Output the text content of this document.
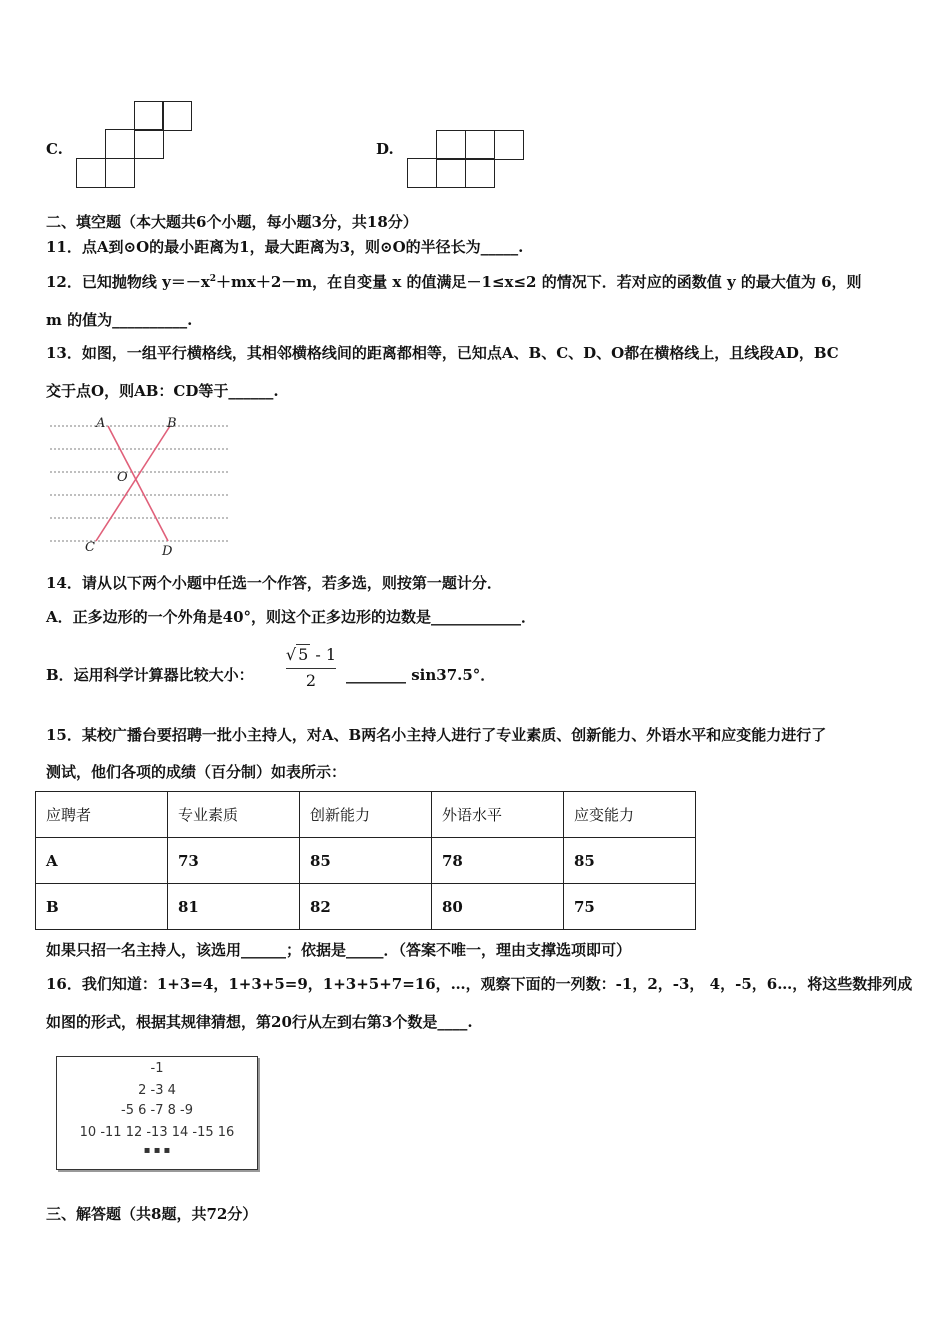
C.	D.
二、填空题（本大题共6个小题，每小题3分，共18分）
11．点A到⊙O的最小距离为1，最大距离为3，则⊙O的半径长为_____.
12．已知抛物线 $y=-x^2+mx+2-m$，在自变量 x 的值满足－1≤x≤2 的情况下．若对应的函数值 y 的最大值为 6，则
m 的值为__________.
13．如图，一组平行横格线，其相邻横格线间的距离都相等，已知点A、B、C、D、O都在横格线上，且线段AD，BC
交于点O，则AB：CD等于______.
A	B
O
C	D
14．请从以下两个小题中任选一个作答，若多选，则按第一题计分．
A．正多边形的一个外角是40°，则这个正多边形的边数是____________．
B．运用科学计算器比较大小：
√ 5 - 1
2	________ sin37.5°．
15．某校广播台要招聘一批小主持人，对A、B两名小主持人进行了专业素质、创新能力、外语水平和应变能力进行了
测试，他们各项的成绩（百分制）如表所示：
应聘者	专业素质	创新能力	外语水平	应变能力
A	73	85	78	85
B	81	82	80	75
如果只招一名主持人，该选用______；依据是_____．（答案不唯一，理由支撑选项即可）
16．我们知道：1+3=4，1+3+5=9，1+3+5+7=16，…，观察下面的一列数：-1，2，-3， 4，-5，6…，将这些数排列成
如图的形式，根据其规律猜想，第20行从左到右第3个数是____.
-1
2 -3 4
-5 6 -7 8 -9
10 -11 12 -13 14 -15 16
▪ ▪ ▪
三、解答题（共8题，共72分）
